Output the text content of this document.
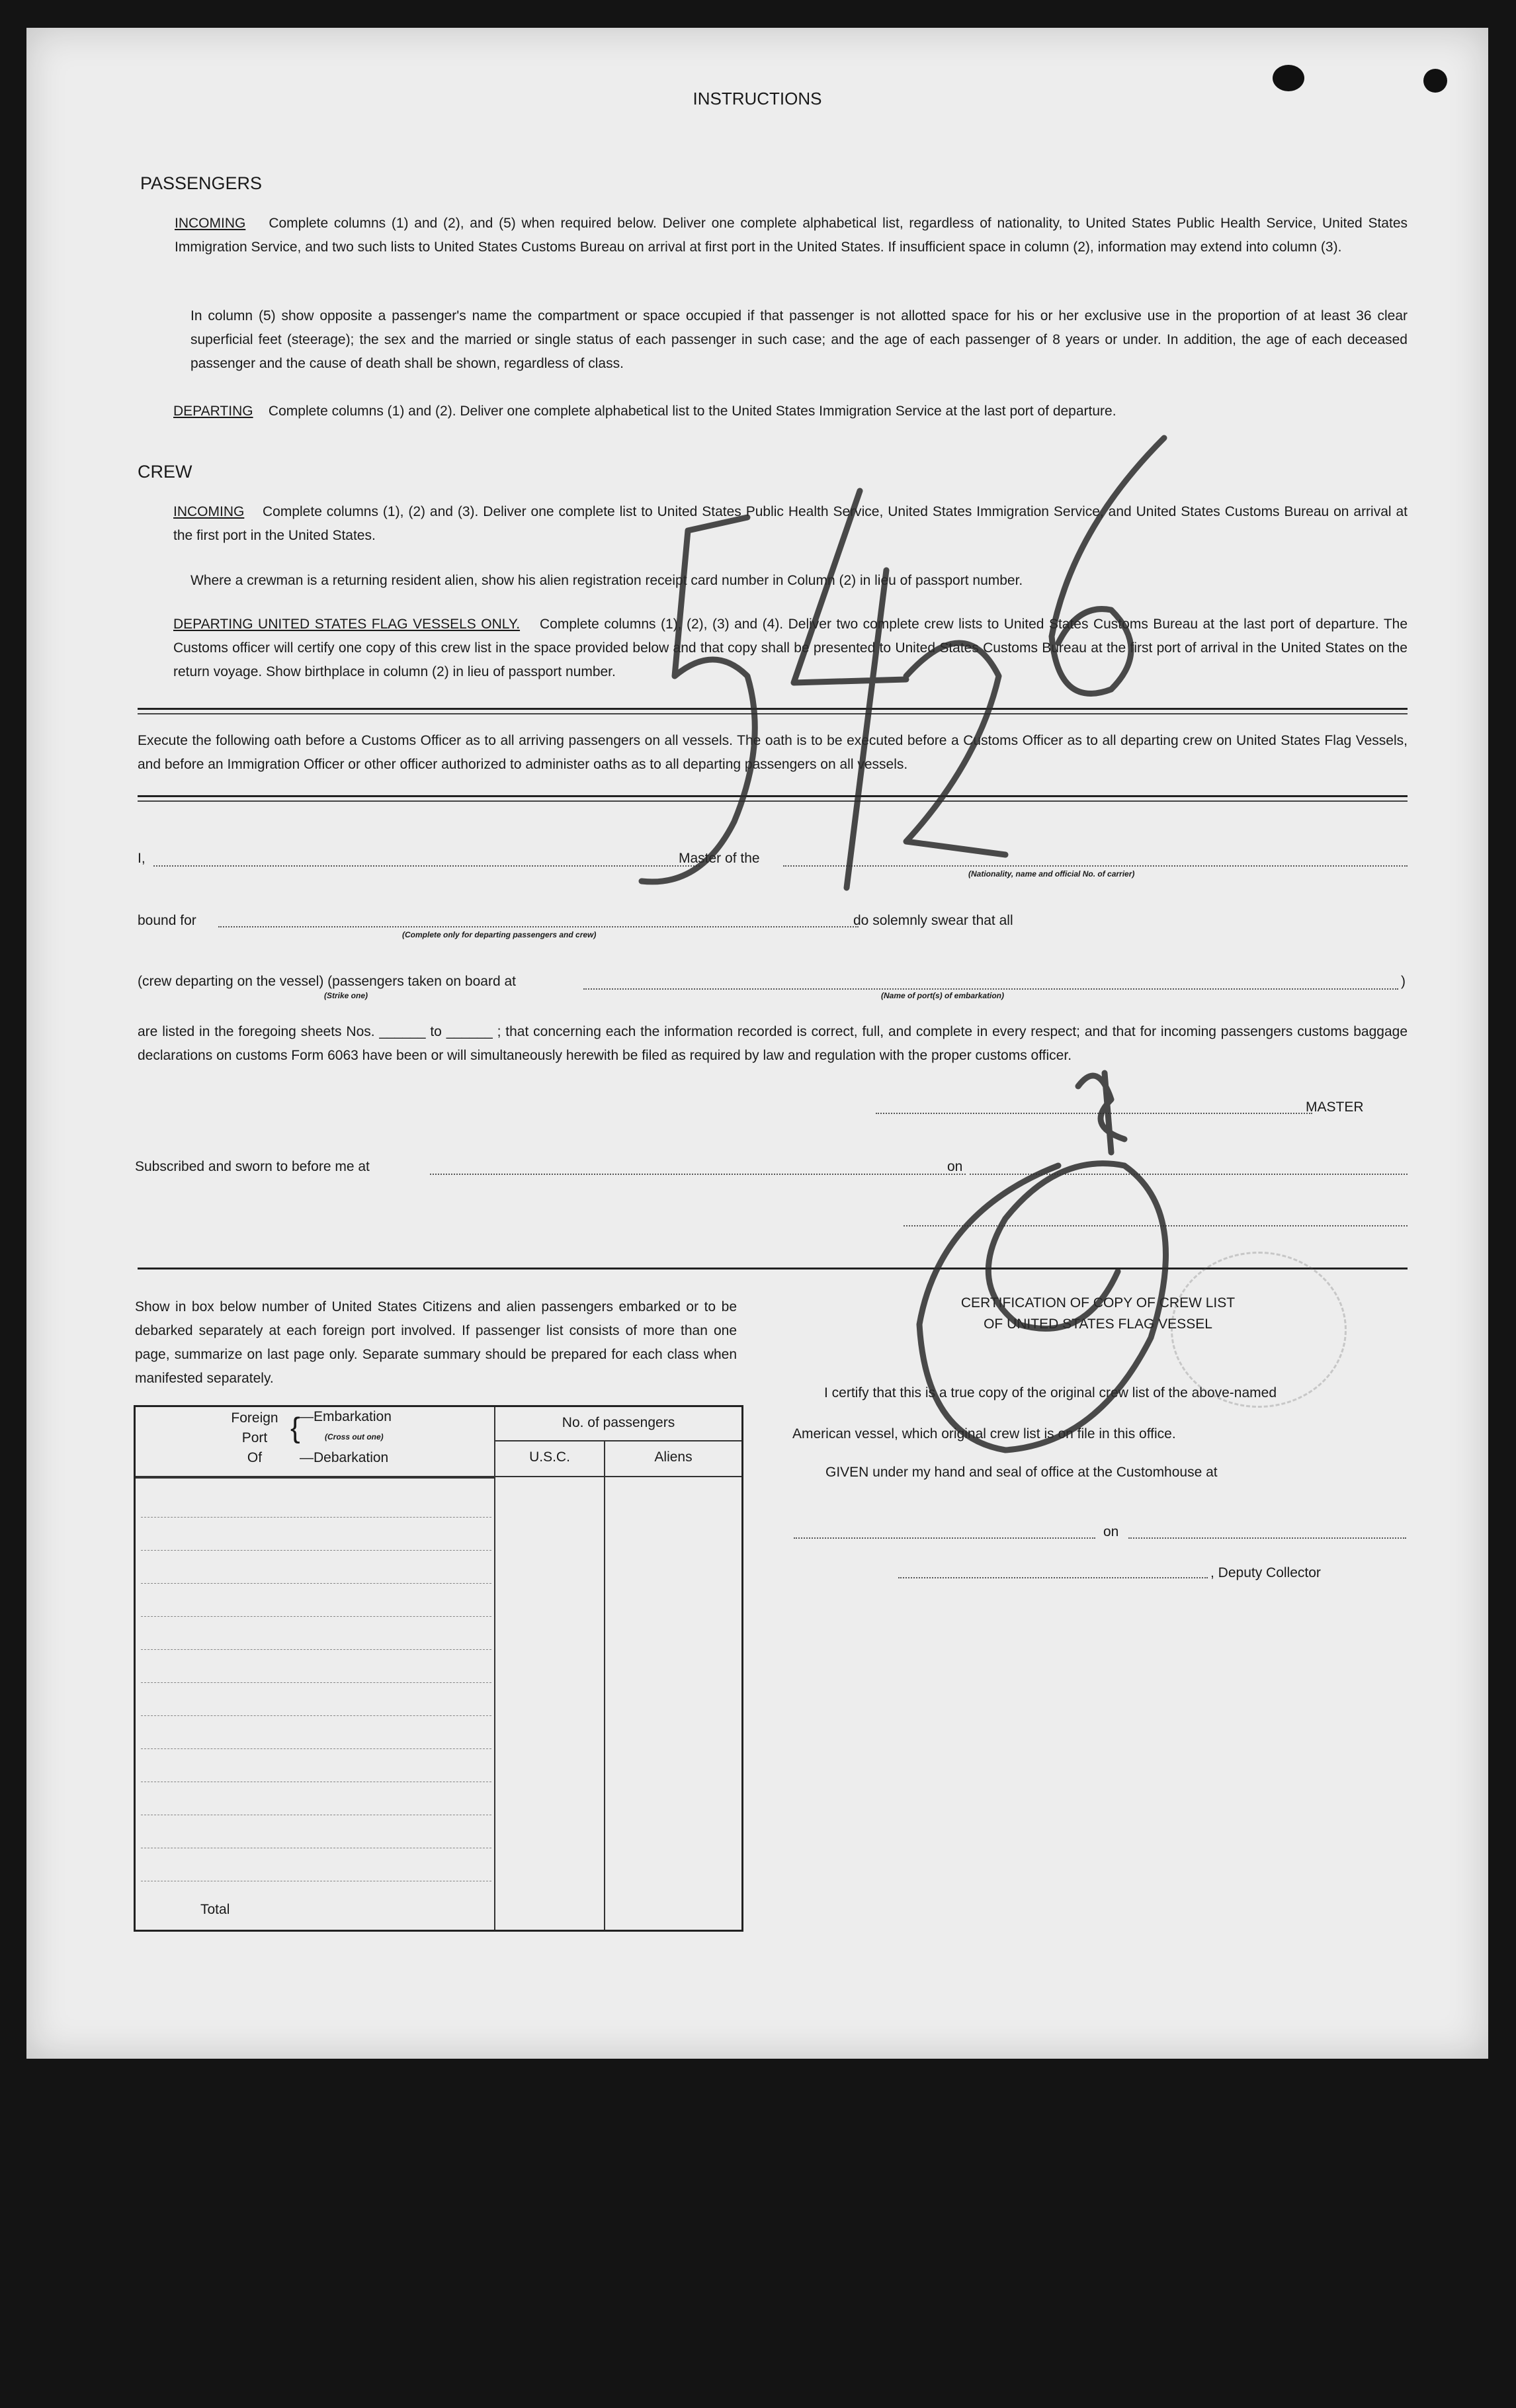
INSTRUCTIONS
PASSENGERS
INCOMING Complete columns (1) and (2), and (5) when required below. Deliver one complete alphabetical list, regardless of nationality, to United States Public Health Service, United States Immigration Service, and two such lists to United States Customs Bureau on arrival at first port in the United States. If insufficient space in column (2), information may extend into column (3).
In column (5) show opposite a passenger's name the compartment or space occupied if that passenger is not allotted space for his or her exclusive use in the proportion of at least 36 clear superficial feet (steerage); the sex and the married or single status of each passenger in such case; and the age of each passenger of 8 years or under. In addition, the age of each deceased passenger and the cause of death shall be shown, regardless of class.
DEPARTING Complete columns (1) and (2). Deliver one complete alphabetical list to the United States Immigration Service at the last port of departure.
CREW
INCOMING Complete columns (1), (2) and (3). Deliver one complete list to United States Public Health Service, United States Immigration Service, and United States Customs Bureau on arrival at the first port in the United States.
Where a crewman is a returning resident alien, show his alien registration receipt card number in Column (2) in lieu of passport number.
DEPARTING UNITED STATES FLAG VESSELS ONLY. Complete columns (1), (2), (3) and (4). Deliver two complete crew lists to United States Customs Bureau at the last port of departure. The Customs officer will certify one copy of this crew list in the space provided below and that copy shall be presented to United States Customs Bureau at the first port of arrival in the United States on the return voyage. Show birthplace in column (2) in lieu of passport number.
Execute the following oath before a Customs Officer as to all arriving passengers on all vessels. The oath is to be executed before a Customs Officer as to all departing crew on United States Flag Vessels, and before an Immigration Officer or other officer authorized to administer oaths as to all departing passengers on all vessels.
I,	Master of the
(Nationality, name and official No. of carrier)
bound for
(Complete only for departing passengers and crew)
do solemnly swear that all
(crew departing on the vessel) (passengers taken on board at
(Strike one)
)
(Name of port(s) of embarkation)
are listed in the foregoing sheets Nos. ______ to ______ ; that concerning each the information recorded is correct, full, and complete in every respect; and that for incoming passengers customs baggage declarations on customs Form 6063 have been or will simultaneously herewith be filed as required by law and regulation with the proper customs officer.
MASTER
Subscribed and sworn to before me at	on
Show in box below number of United States Citizens and alien passengers embarked or to be debarked separately at each foreign port involved. If passenger list consists of more than one page, summarize on last page only. Separate summary should be prepared for each class when manifested separately.
Foreign
Port
Of
{ —Embarkation
(Cross out one)
—Debarkation
No. of passengers
U.S.C.	Aliens
Total
CERTIFICATION OF COPY OF CREW LIST
OF UNITED STATES FLAG VESSEL
I certify that this is a true copy of the original crew list of the above-named
American vessel, which original crew list is on file in this office.
GIVEN under my hand and seal of office at the Customhouse at
on
, Deputy Collector
